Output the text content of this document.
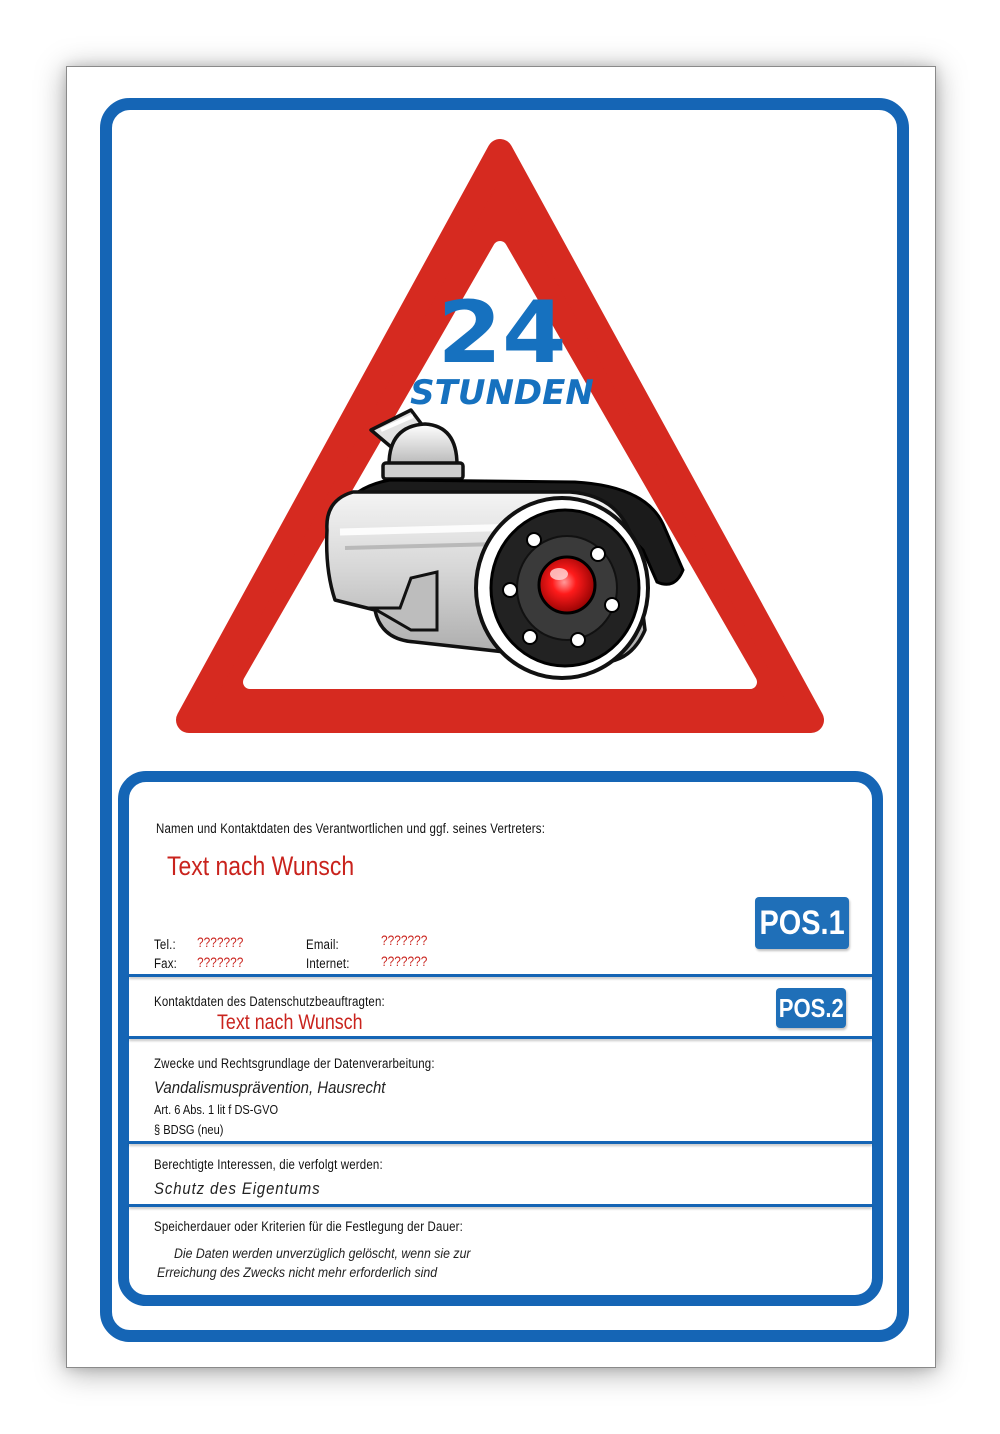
24
STUNDEN
Namen und Kontaktdaten des Verantwortlichen und ggf. seines Vertreters:
Text nach Wunsch
Tel.: ???????
Fax: ???????
Email:	???????
Internet: ???????
POS.1
Kontaktdaten des Datenschutzbeauftragten:
Text nach Wunsch	POS.2
Zwecke und Rechtsgrundlage der Datenverarbeitung:
Vandalismusprävention, Hausrecht
Art. 6 Abs. 1 lit f DS-GVO
§ BDSG (neu)
Berechtigte Interessen, die verfolgt werden:
Schutz des Eigentums
Speicherdauer oder Kriterien für die Festlegung der Dauer:
Die Daten werden unverzüglich gelöscht, wenn sie zur
Erreichung des Zwecks nicht mehr erforderlich sind
